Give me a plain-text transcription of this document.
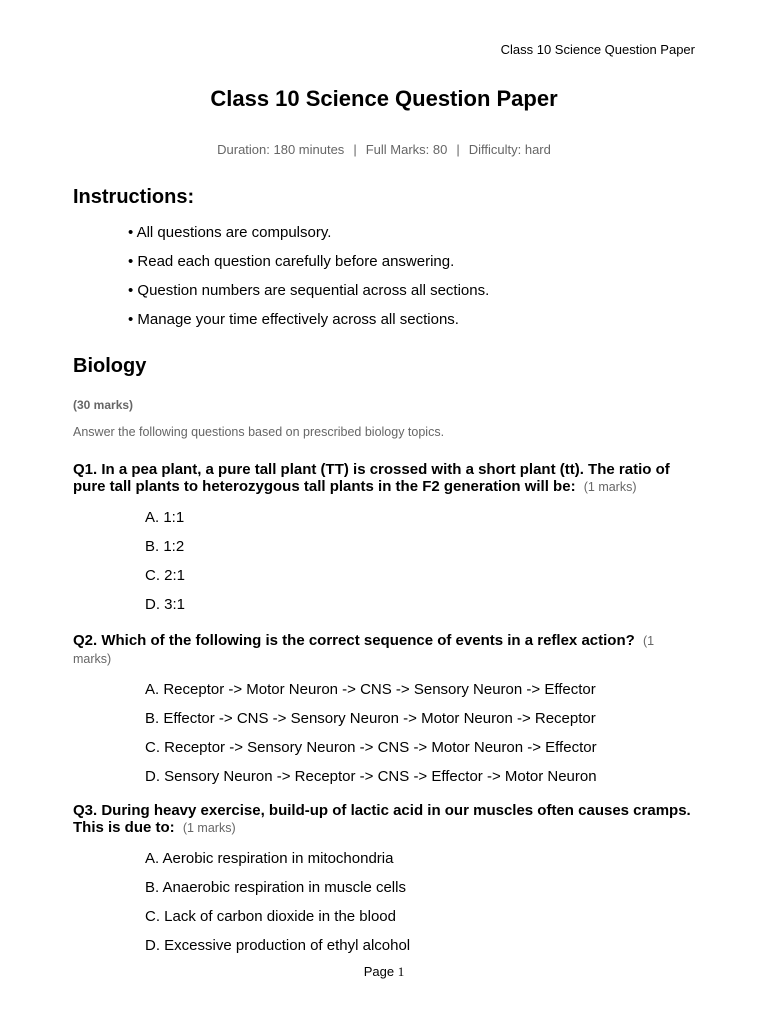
Class 10 Science Question Paper
Class 10 Science Question Paper
Duration: 180 minutes | Full Marks: 80 | Difficulty: hard
Instructions:
• All questions are compulsory.
• Read each question carefully before answering.
• Question numbers are sequential across all sections.
• Manage your time effectively across all sections.
Biology
(30 marks)
Answer the following questions based on prescribed biology topics.
Q1. In a pea plant, a pure tall plant (TT) is crossed with a short plant (tt). The ratio of pure tall plants to heterozygous tall plants in the F2 generation will be: (1 marks)
A. 1:1
B. 1:2
C. 2:1
D. 3:1
Q2. Which of the following is the correct sequence of events in a reflex action? (1 marks)
A. Receptor -> Motor Neuron -> CNS -> Sensory Neuron -> Effector
B. Effector -> CNS -> Sensory Neuron -> Motor Neuron -> Receptor
C. Receptor -> Sensory Neuron -> CNS -> Motor Neuron -> Effector
D. Sensory Neuron -> Receptor -> CNS -> Effector -> Motor Neuron
Q3. During heavy exercise, build-up of lactic acid in our muscles often causes cramps. This is due to: (1 marks)
A. Aerobic respiration in mitochondria
B. Anaerobic respiration in muscle cells
C. Lack of carbon dioxide in the blood
D. Excessive production of ethyl alcohol
Page 1
